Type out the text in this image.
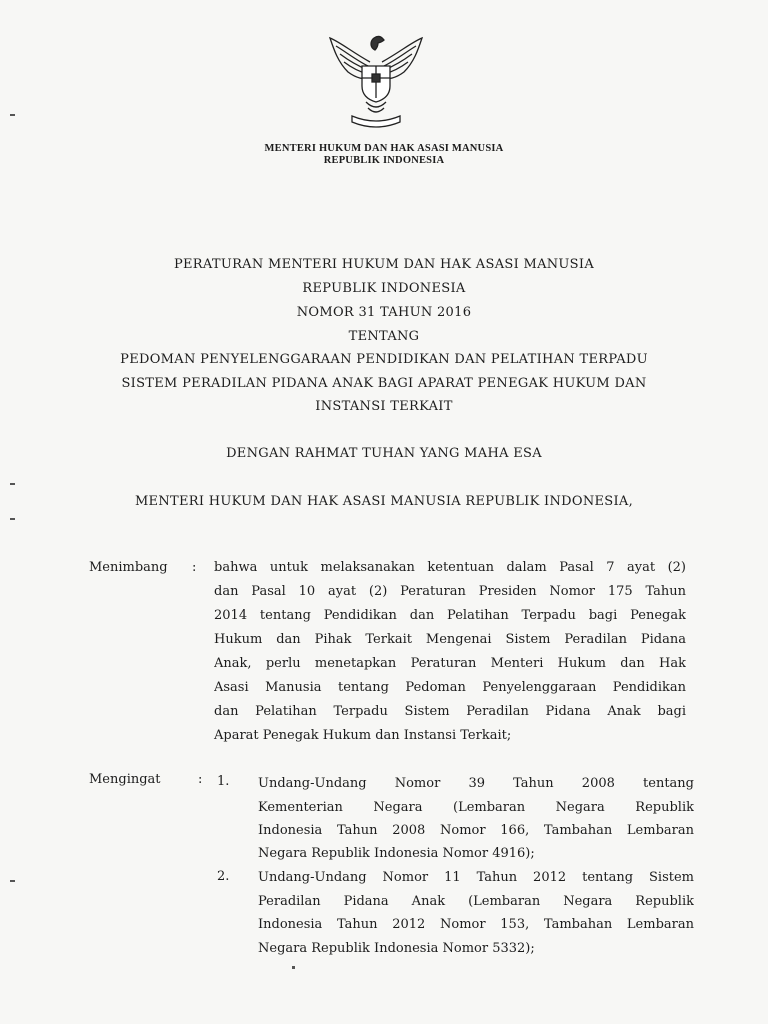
MENTERI HUKUM DAN HAK ASASI MANUSIA
REPUBLIK INDONESIA
PERATURAN MENTERI HUKUM DAN HAK ASASI MANUSIA
REPUBLIK INDONESIA
NOMOR 31 TAHUN 2016
TENTANG
PEDOMAN PENYELENGGARAAN PENDIDIKAN DAN PELATIHAN TERPADU
SISTEM PERADILAN PIDANA ANAK BAGI APARAT PENEGAK HUKUM DAN
INSTANSI TERKAIT
DENGAN RAHMAT TUHAN YANG MAHA ESA
MENTERI HUKUM DAN HAK ASASI MANUSIA REPUBLIK INDONESIA,
Menimbang : bahwa untuk melaksanakan ketentuan dalam Pasal 7 ayat (2)
dan Pasal 10 ayat (2) Peraturan Presiden Nomor 175 Tahun
2014 tentang Pendidikan dan Pelatihan Terpadu bagi Penegak
Hukum dan Pihak Terkait Mengenai Sistem Peradilan Pidana
Anak, perlu menetapkan Peraturan Menteri Hukum dan Hak
Asasi Manusia tentang Pedoman Penyelenggaraan Pendidikan
dan Pelatihan Terpadu Sistem Peradilan Pidana Anak bagi
Aparat Penegak Hukum dan Instansi Terkait;
Mengingat	: 1. Undang-Undang Nomor 39 Tahun 2008 tentang
Kementerian Negara (Lembaran Negara Republik
Indonesia Tahun 2008 Nomor 166, Tambahan Lembaran
Negara Republik Indonesia Nomor 4916);
2. Undang-Undang Nomor 11 Tahun 2012 tentang Sistem
Peradilan Pidana Anak (Lembaran Negara Republik
Indonesia Tahun 2012 Nomor 153, Tambahan Lembaran
Negara Republik Indonesia Nomor 5332);
